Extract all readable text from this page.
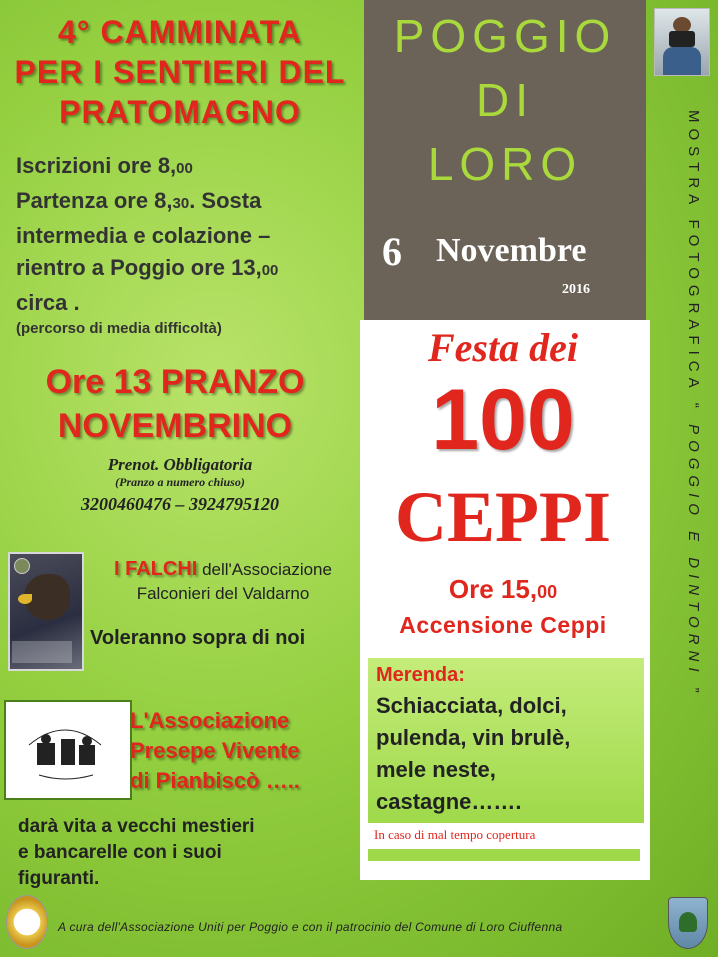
4° CAMMINATA
PER I SENTIERI DEL
PRATOMAGNO
Iscrizioni ore 8,00
Partenza ore 8,30. Sosta
intermedia e colazione –
rientro a Poggio ore 13,00
circa .
(percorso di media difficoltà)
Ore 13 PRANZO
NOVEMBRINO
Prenot. Obbligatoria
(Pranzo a numero chiuso)
3200460476 – 3924795120
I FALCHI dell'Associazione
Falconieri del Valdarno
Voleranno sopra di noi
L'Associazione
Presepe Vivente
di Pianbiscò …..
darà vita a vecchi mestieri
e bancarelle con i suoi
figuranti.
POGGIO
DI
LORO
6 Novembre
2016
Festa dei
100
CEPPI
Ore 15,00
Accensione Ceppi
Merenda:
Schiacciata, dolci,
pulenda, vin brulè,
mele neste,
castagne…….
In caso di mal tempo copertura
MOSTRA FOTOGRAFICA “ POGGIO E DINTORNI ”
A cura dell'Associazione Uniti per Poggio e con il patrocinio del Comune di Loro Ciuffenna
